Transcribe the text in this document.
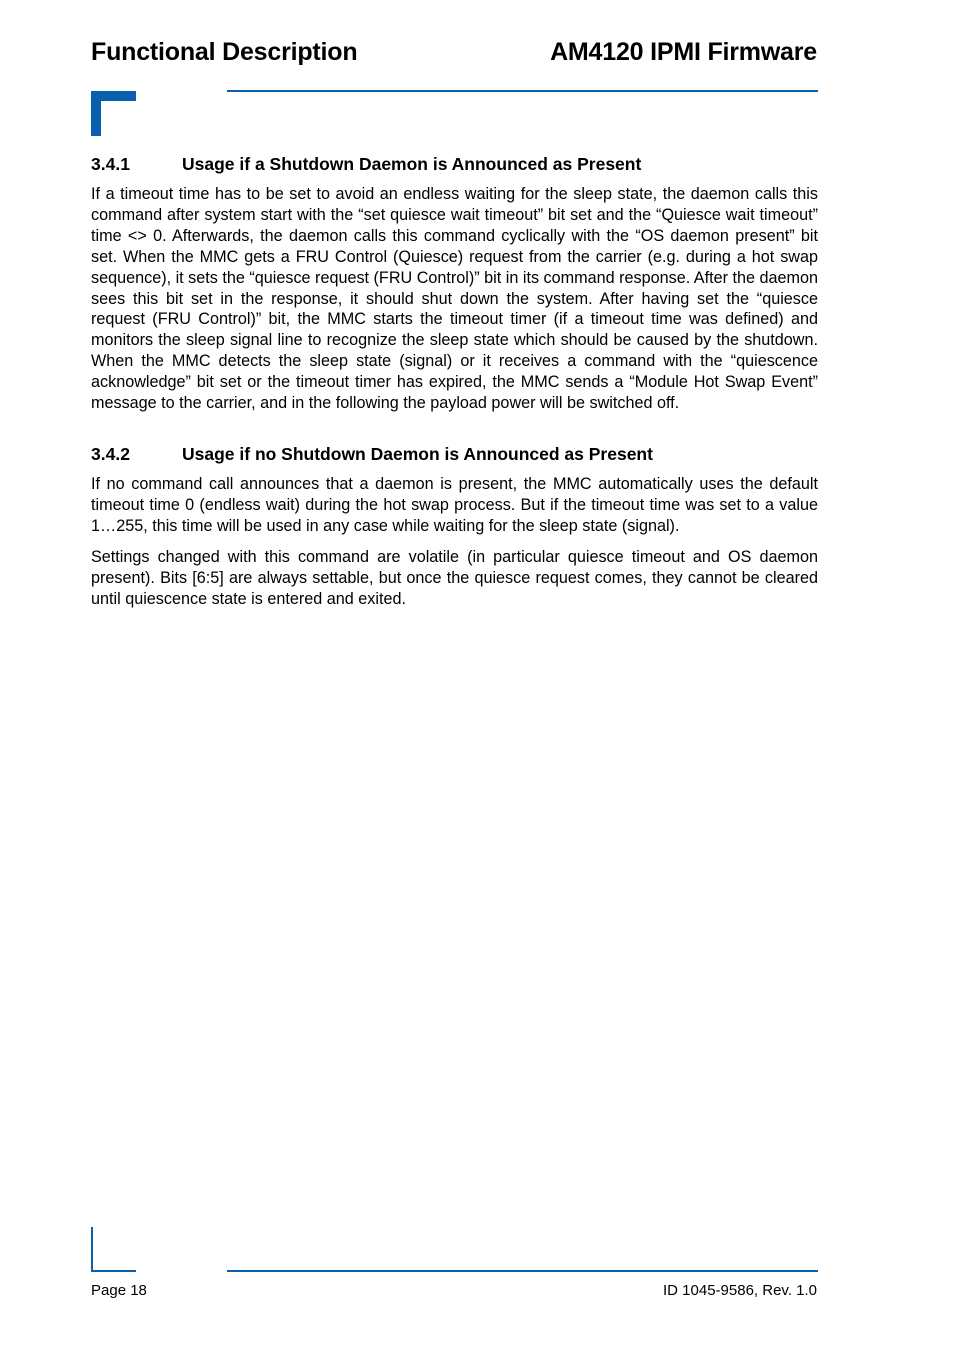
Functional Description	AM4120 IPMI Firmware
3.4.1	Usage if a Shutdown Daemon is Announced as Present

If a timeout time has to be set to avoid an endless waiting for the sleep state, the daemon calls this command after system start with the “set quiesce wait timeout” bit set and the “Quiesce wait timeout” time <> 0. Afterwards, the daemon calls this command cyclically with the “OS daemon present” bit set. When the MMC gets a FRU Control (Quiesce) request from the carrier (e.g. during a hot swap sequence), it sets the “quiesce request (FRU Control)” bit in its command response. After the daemon sees this bit set in the response, it should shut down the system. After having set the “quiesce request (FRU Control)” bit, the MMC starts the timeout timer (if a timeout time was defined) and monitors the sleep signal line to recognize the sleep state which should be caused by the shutdown. When the MMC detects the sleep state (signal) or it receives a command with the “quiescence acknowledge” bit set or the timeout timer has expired, the MMC sends a “Module Hot Swap Event” message to the carrier, and in the following the payload power will be switched off.

3.4.2	Usage if no Shutdown Daemon is Announced as Present

If no command call announces that a daemon is present, the MMC automatically uses the default timeout time 0 (endless wait) during the hot swap process. But if the timeout time was set to a value 1…255, this time will be used in any case while waiting for the sleep state (signal).

Settings changed with this command are volatile (in particular quiesce timeout and OS daemon present). Bits [6:5] are always settable, but once the quiesce request comes, they cannot be cleared until quiescence state is entered and exited.

Page 18	ID 1045-9586, Rev. 1.0
